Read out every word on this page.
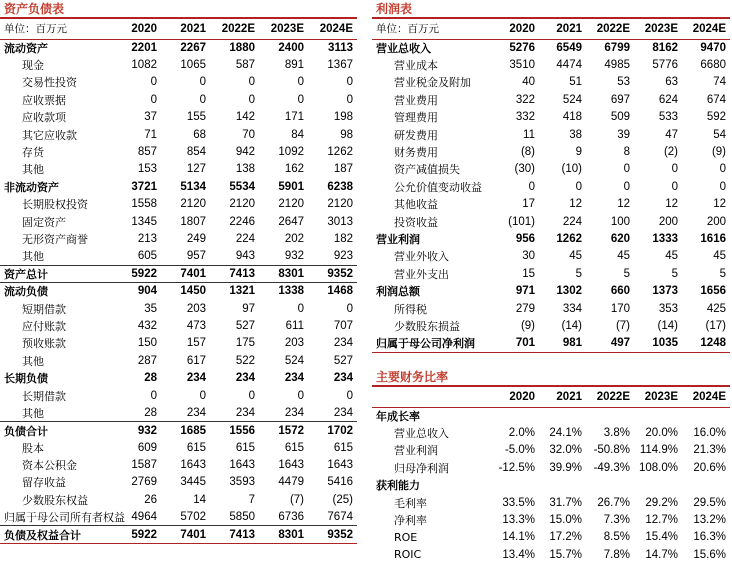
资产负债表
单位：百万元	2020	2021	2022E	2023E	2024E
流动资产	2201	2267	1880	2400	3113
现金	1082	1065	587	891	1367
交易性投资	0	0	0	0	0
应收票据	0	0	0	0	0
应收款项	37	155	142	171	198
其它应收款	71	68	70	84	98
存货	857	854	942	1092	1262
其他	153	127	138	162	187
非流动资产	3721	5134	5534	5901	6238
长期股权投资	1558	2120	2120	2120	2120
固定资产	1345	1807	2246	2647	3013
无形资产商誉	213	249	224	202	182
其他	605	957	943	932	923
资产总计	5922	7401	7413	8301	9352
流动负债	904	1450	1321	1338	1468
短期借款	35	203	97	0	0
应付账款	432	473	527	611	707
预收账款	150	157	175	203	234
其他	287	617	522	524	527
长期负债	28	234	234	234	234
长期借款	0	0	0	0	0
其他	28	234	234	234	234
负债合计	932	1685	1556	1572	1702
股本	609	615	615	615	615
资本公积金	1587	1643	1643	1643	1643
留存收益	2769	3445	3593	4479	5416
少数股东权益	26	14	7	(7)	(25)
归属于母公司所有者权益	4964	5702	5850	6736	7674
负债及权益合计	5922	7401	7413	8301	9352
利润表
单位：百万元	2020	2021	2022E	2023E	2024E
营业总收入	5276	6549	6799	8162	9470
营业成本	3510	4474	4985	5776	6680
营业税金及附加	40	51	53	63	74
营业费用	322	524	697	624	674
管理费用	332	418	509	533	592
研发费用	11	38	39	47	54
财务费用	(8)	9	8	(2)	(9)
资产减值损失	(30)	(10)	0	0	0
公允价值变动收益	0	0	0	0	0
其他收益	17	12	12	12	12
投资收益	(101)	224	100	200	200
营业利润	956	1262	620	1333	1616
营业外收入	30	45	45	45	45
营业外支出	15	5	5	5	5
利润总额	971	1302	660	1373	1656
所得税	279	334	170	353	425
少数股东损益	(9)	(14)	(7)	(14)	(17)
归属于母公司净利润	701	981	497	1035	1248
主要财务比率
	2020	2021	2022E	2023E	2024E
年成长率					
营业总收入	2.0%	24.1%	3.8%	20.0%	16.0%
营业利润	-5.0%	32.0%	-50.8%	114.9%	21.3%
归母净利润	-12.5%	39.9%	-49.3%	108.0%	20.6%
获利能力					
毛利率	33.5%	31.7%	26.7%	29.2%	29.5%
净利率	13.3%	15.0%	7.3%	12.7%	13.2%
ROE	14.1%	17.2%	8.5%	15.4%	16.3%
ROIC	13.4%	15.7%	7.8%	14.7%	15.6%
